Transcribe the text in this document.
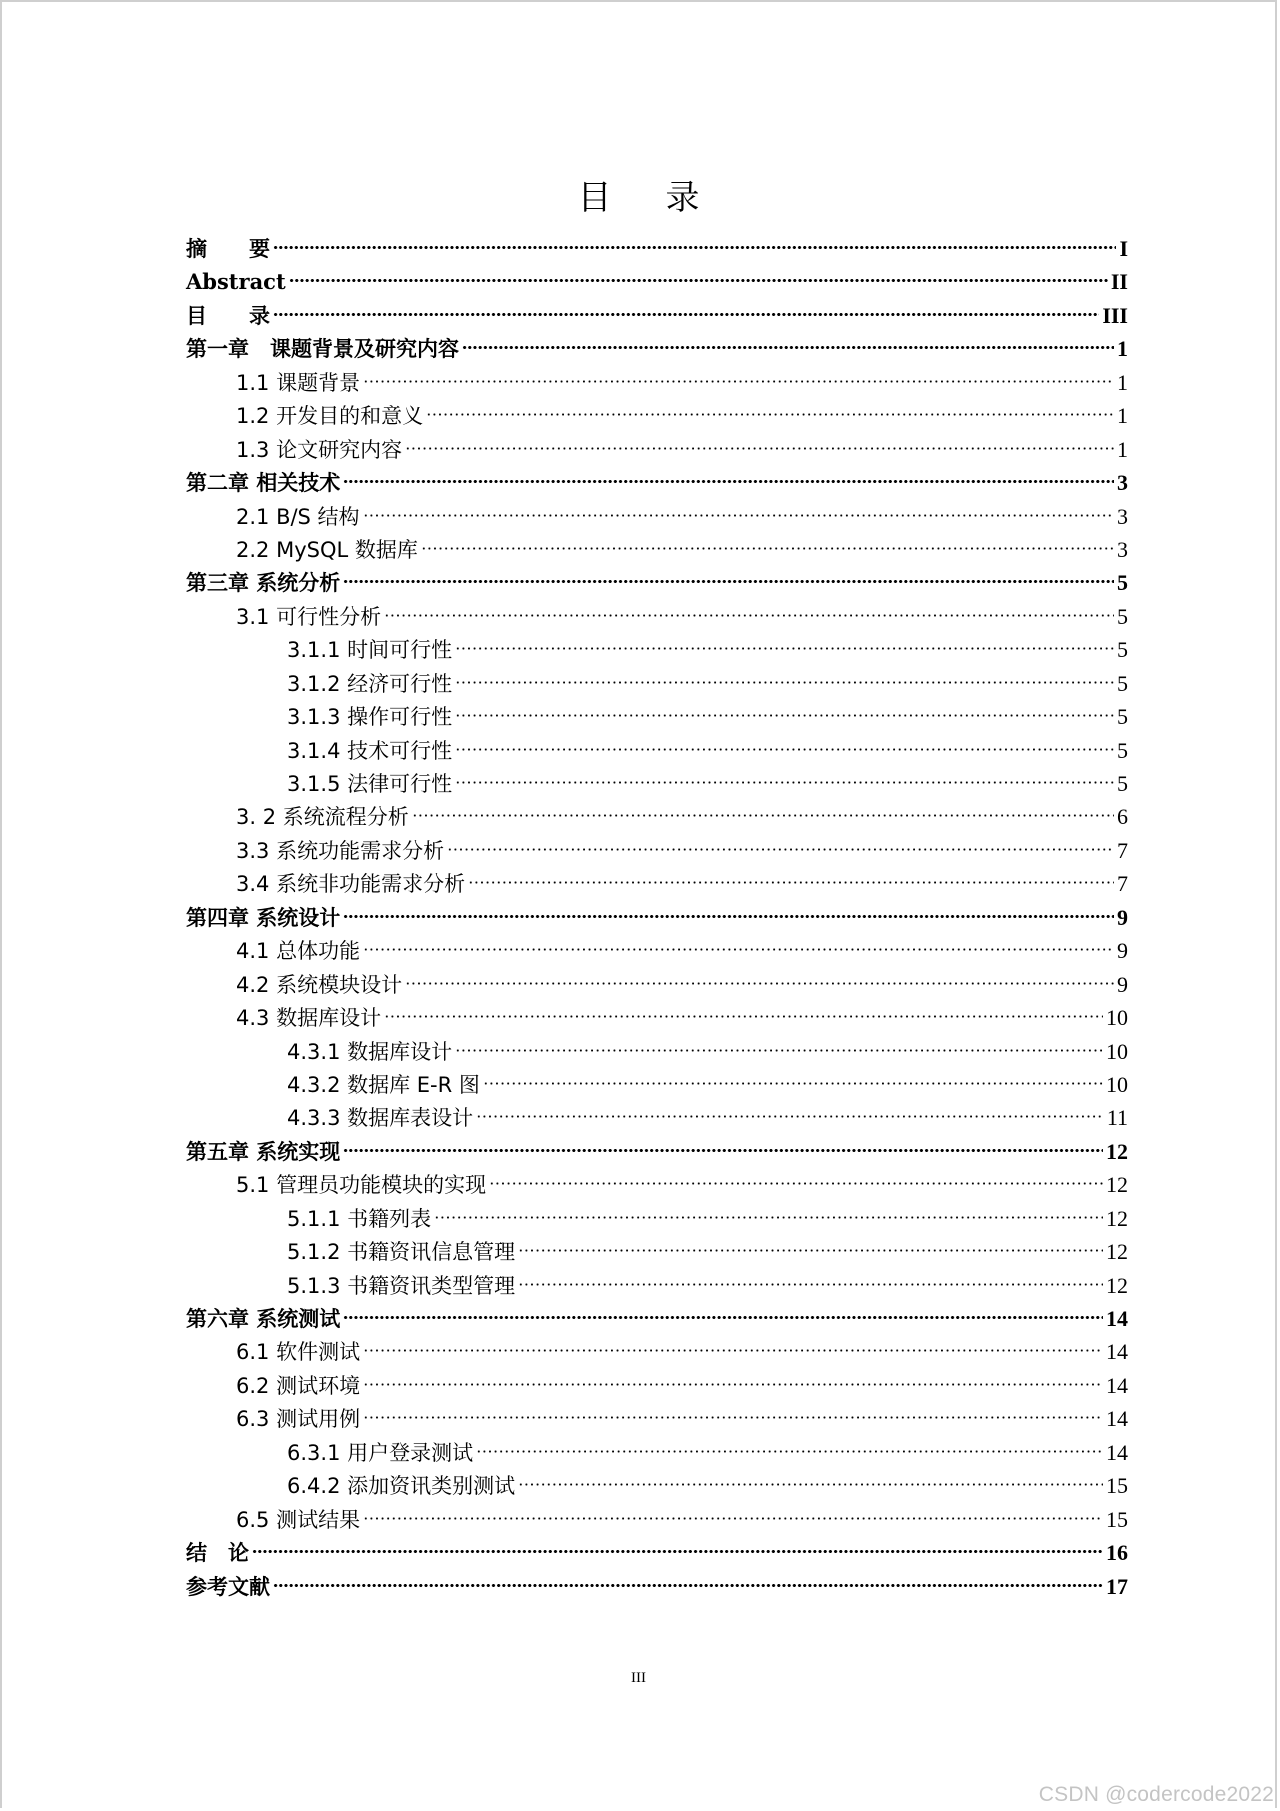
目录
摘　　要	I
Abstract	II
目　　录	III
第一章　课题背景及研究内容	1
1.1 课题背景	1
1.2 开发目的和意义	1
1.3 论文研究内容	1
第二章 相关技术	3
2.1 B/S 结构	3
2.2 MySQL 数据库	3
第三章 系统分析	5
3.1 可行性分析	5
3.1.1 时间可行性	5
3.1.2 经济可行性	5
3.1.3 操作可行性	5
3.1.4 技术可行性	5
3.1.5 法律可行性	5
3. 2 系统流程分析	6
3.3 系统功能需求分析	7
3.4 系统非功能需求分析	7
第四章 系统设计	9
4.1 总体功能	9
4.2 系统模块设计	9
4.3 数据库设计	10
4.3.1 数据库设计	10
4.3.2 数据库 E-R 图	10
4.3.3 数据库表设计	11
第五章 系统实现	12
5.1 管理员功能模块的实现	12
5.1.1 书籍列表	12
5.1.2 书籍资讯信息管理	12
5.1.3 书籍资讯类型管理	12
第六章 系统测试	14
6.1 软件测试	14
6.2 测试环境	14
6.3 测试用例	14
6.3.1 用户登录测试	14
6.4.2 添加资讯类别测试	15
6.5 测试结果	15
结　论	16
参考文献	17
III
CSDN @codercode2022
